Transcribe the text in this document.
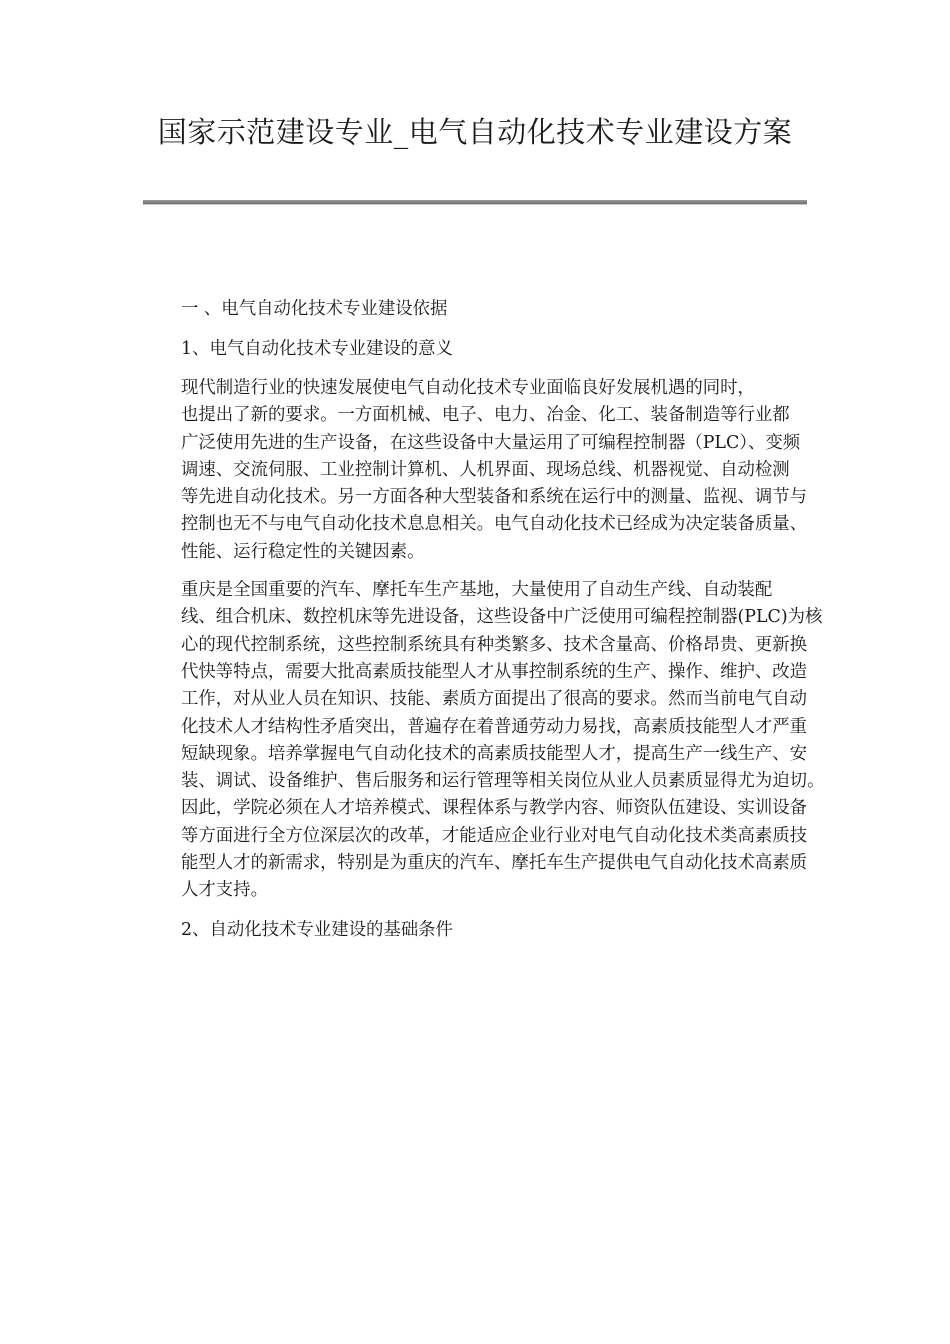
国家示范建设专业_电气自动化技术专业建设方案

一 、电气自动化技术专业建设依据

1、电气自动化技术专业建设的意义

现代制造行业的快速发展使电气自动化技术专业面临良好发展机遇的同时，
也提出了新的要求。一方面机械、电子、电力、冶金、化工、装备制造等行业都
广泛使用先进的生产设备，在这些设备中大量运用了可编程控制器（PLC）、变频
调速、交流伺服、工业控制计算机、人机界面、现场总线、机器视觉、自动检测
等先进自动化技术。另一方面各种大型装备和系统在运行中的测量、监视、调节与
控制也无不与电气自动化技术息息相关。电气自动化技术已经成为决定装备质量、
性能、运行稳定性的关键因素。

重庆是全国重要的汽车、摩托车生产基地，大量使用了自动生产线、自动装配
线、组合机床、数控机床等先进设备，这些设备中广泛使用可编程控制器(PLC)为核
心的现代控制系统，这些控制系统具有种类繁多、技术含量高、价格昂贵、更新换
代快等特点，需要大批高素质技能型人才从事控制系统的生产、操作、维护、改造
工作，对从业人员在知识、技能、素质方面提出了很高的要求。然而当前电气自动
化技术人才结构性矛盾突出，普遍存在着普通劳动力易找，高素质技能型人才严重
短缺现象。培养掌握电气自动化技术的高素质技能型人才，提高生产一线生产、安
装、调试、设备维护、售后服务和运行管理等相关岗位从业人员素质显得尤为迫切。
因此，学院必须在人才培养模式、课程体系与教学内容、师资队伍建设、实训设备
等方面进行全方位深层次的改革，才能适应企业行业对电气自动化技术类高素质技
能型人才的新需求，特别是为重庆的汽车、摩托车生产提供电气自动化技术高素质
人才支持。

2、自动化技术专业建设的基础条件
